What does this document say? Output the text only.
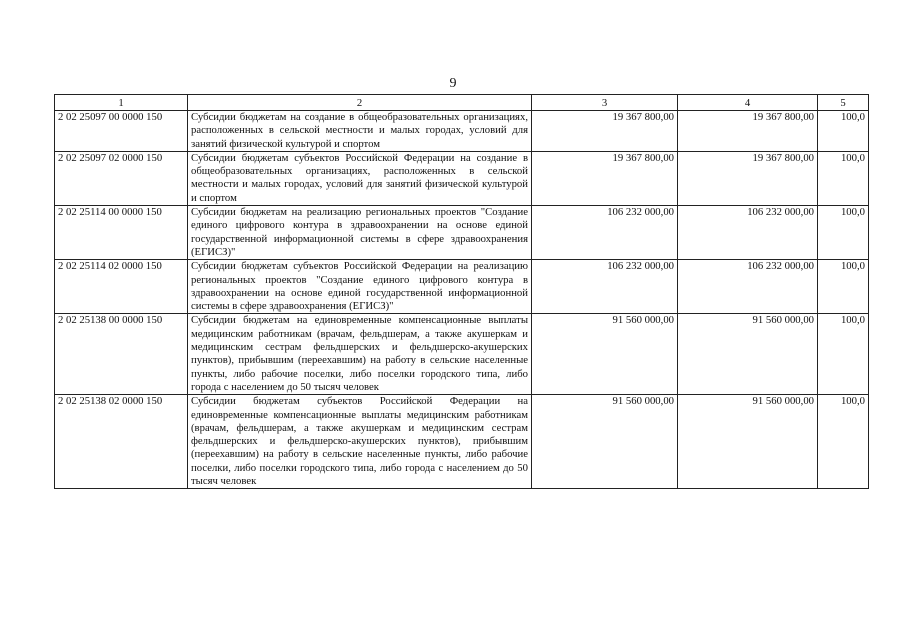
9
1	2	3	4	5
2 02 25097 00 0000 150	Субсидии бюджетам на создание в общеобразовательных организациях, расположенных в сельской местности и малых городах, условий для занятий физической культурой и спортом	19 367 800,00	19 367 800,00	100,0
2 02 25097 02 0000 150	Субсидии бюджетам субъектов Российской Федерации на создание в общеобразовательных организациях, расположенных в сельской местности и малых городах, условий для занятий физической культурой и спортом	19 367 800,00	19 367 800,00	100,0
2 02 25114 00 0000 150	Субсидии бюджетам на реализацию региональных проектов "Создание единого цифрового контура в здравоохранении на основе единой государственной информационной системы в сфере здравоохранения (ЕГИСЗ)"	106 232 000,00	106 232 000,00	100,0
2 02 25114 02 0000 150	Субсидии бюджетам субъектов Российской Федерации на реализацию региональных проектов "Создание единого цифрового контура в здравоохранении на основе единой государственной информационной системы в сфере здравоохранения (ЕГИСЗ)"	106 232 000,00	106 232 000,00	100,0
2 02 25138 00 0000 150	Субсидии бюджетам на единовременные компенсационные выплаты медицинским работникам (врачам, фельдшерам, а также акушеркам и медицинским сестрам фельдшерских и фельдшерско-акушерских пунктов), прибывшим (переехавшим) на работу в сельские населенные пункты, либо рабочие поселки, либо поселки городского типа, либо города с населением до 50 тысяч человек	91 560 000,00	91 560 000,00	100,0
2 02 25138 02 0000 150	Субсидии бюджетам субъектов Российской Федерации на единовременные компенсационные выплаты медицинским работникам (врачам, фельдшерам, а также акушеркам и медицинским сестрам фельдшерских и фельдшерско-акушерских пунктов), прибывшим (переехавшим) на работу в сельские населенные пункты, либо рабочие поселки, либо поселки городского типа, либо города с населением до 50 тысяч человек	91 560 000,00	91 560 000,00	100,0
